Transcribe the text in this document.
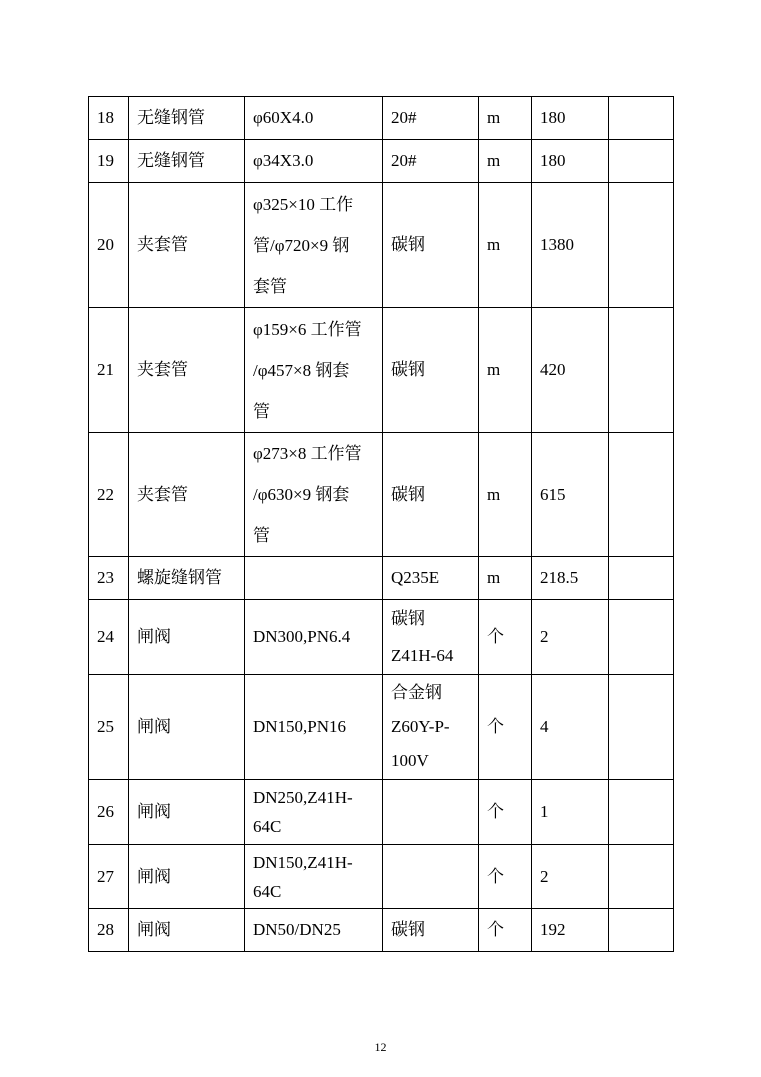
18	无缝钢管	φ60X4.0	20#	m	180	
19	无缝钢管	φ34X3.0	20#	m	180	
20	夹套管	φ325×10 工作
管/φ720×9 钢
套管	碳钢	m	1380	
21	夹套管	φ159×6 工作管
/φ457×8 钢套
管	碳钢	m	420	
22	夹套管	φ273×8 工作管
/φ630×9 钢套
管	碳钢	m	615	
23	螺旋缝钢管		Q235E	m	218.5	
24	闸阀	DN300,PN6.4	碳钢
Z41H-64	个	2	
25	闸阀	DN150,PN16	合金钢
Z60Y-P-
100V	个	4	
26	闸阀	DN250,Z41H-
64C		个	1	
27	闸阀	DN150,Z41H-
64C		个	2	
28	闸阀	DN50/DN25	碳钢	个	192	
12
